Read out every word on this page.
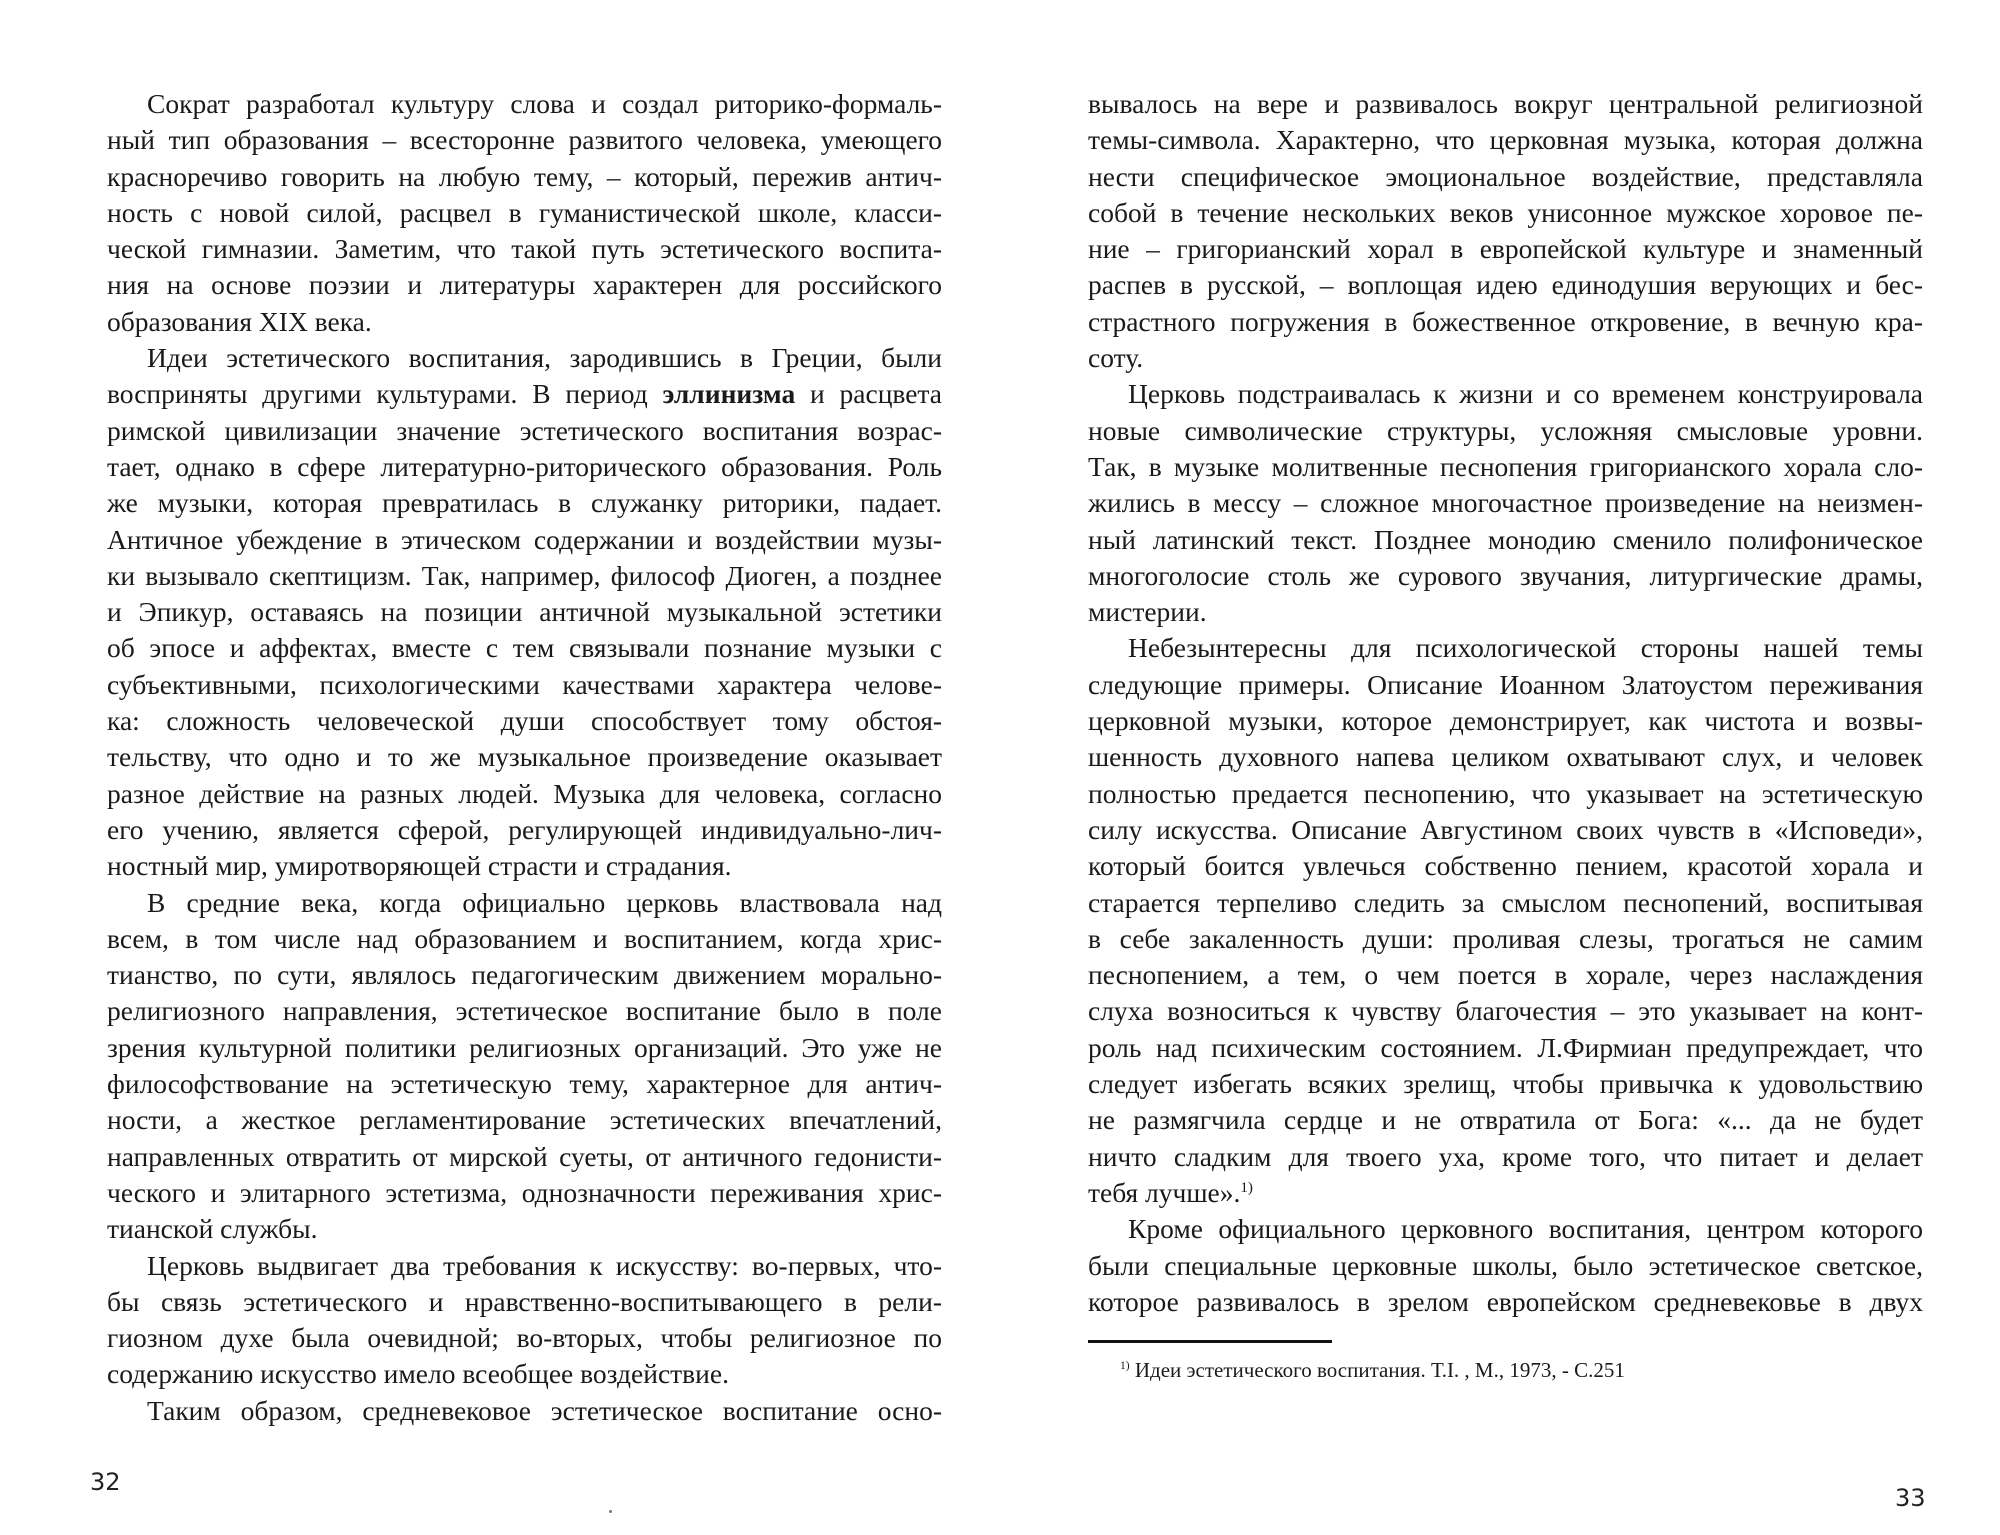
Сократ разработал культуру слова и создал риторико-формаль-
ный тип образования – всесторонне развитого человека, умеющего
красноречиво говорить на любую тему, – который, пережив антич-
ность с новой силой, расцвел в гуманистической школе, класси-
ческой гимназии. Заметим, что такой путь эстетического воспита-
ния на основе поэзии и литературы характерен для российского
образования XIX века.
Идеи эстетического воспитания, зародившись в Греции, были
восприняты другими культурами. В период эллинизма и расцвета
римской цивилизации значение эстетического воспитания возрас-
тает, однако в сфере литературно-риторического образования. Роль
же музыки, которая превратилась в служанку риторики, падает.
Античное убеждение в этическом содержании и воздействии музы-
ки вызывало скептицизм. Так, например, философ Диоген, а позднее
и Эпикур, оставаясь на позиции античной музыкальной эстетики
об эпосе и аффектах, вместе с тем связывали познание музыки с
субъективными, психологическими качествами характера челове-
ка: сложность человеческой души способствует тому обстоя-
тельству, что одно и то же музыкальное произведение оказывает
разное действие на разных людей. Музыка для человека, согласно
его учению, является сферой, регулирующей индивидуально-лич-
ностный мир, умиротворяющей страсти и страдания.
В средние века, когда официально церковь властвовала над
всем, в том числе над образованием и воспитанием, когда хрис-
тианство, по сути, являлось педагогическим движением морально-
религиозного направления, эстетическое воспитание было в поле
зрения культурной политики религиозных организаций. Это уже не
философствование на эстетическую тему, характерное для антич-
ности, а жесткое регламентирование эстетических впечатлений,
направленных отвратить от мирской суеты, от античного гедонисти-
ческого и элитарного эстетизма, однозначности переживания хрис-
тианской службы.
Церковь выдвигает два требования к искусству: во-первых, что-
бы связь эстетического и нравственно-воспитывающего в рели-
гиозном духе была очевидной; во-вторых, чтобы религиозное по
содержанию искусство имело всеобщее воздействие.
Таким образом, средневековое эстетическое воспитание осно-
32
вывалось на вере и развивалось вокруг центральной религиозной
темы-символа. Характерно, что церковная музыка, которая должна
нести специфическое эмоциональное воздействие, представляла
собой в течение нескольких веков унисонное мужское хоровое пе-
ние – григорианский хорал в европейской культуре и знаменный
распев в русской, – воплощая идею единодушия верующих и бес-
страстного погружения в божественное откровение, в вечную кра-
соту.
Церковь подстраивалась к жизни и со временем конструировала
новые символические структуры, усложняя смысловые уровни.
Так, в музыке молитвенные песнопения григорианского хорала сло-
жились в мессу – сложное многочастное произведение на неизмен-
ный латинский текст. Позднее монодию сменило полифоническое
многоголосие столь же сурового звучания, литургические драмы,
мистерии.
Небезынтересны для психологической стороны нашей темы
следующие примеры. Описание Иоанном Златоустом переживания
церковной музыки, которое демонстрирует, как чистота и возвы-
шенность духовного напева целиком охватывают слух, и человек
полностью предается песнопению, что указывает на эстетическую
силу искусства. Описание Августином своих чувств в «Исповеди»,
который боится увлечься собственно пением, красотой хорала и
старается терпеливо следить за смыслом песнопений, воспитывая
в себе закаленность души: проливая слезы, трогаться не самим
песнопением, а тем, о чем поется в хорале, через наслаждения
слуха возноситься к чувству благочестия – это указывает на конт-
роль над психическим состоянием. Л.Фирмиан предупреждает, что
следует избегать всяких зрелищ, чтобы привычка к удовольствию
не размягчила сердце и не отвратила от Бога: «... да не будет
ничто сладким для твоего уха, кроме того, что питает и делает
тебя лучше».$^{1)}$
Кроме официального церковного воспитания, центром которого
были специальные церковные школы, было эстетическое светское,
которое развивалось в зрелом европейском средневековье в двух
$^{1)}$ Идеи эстетического воспитания. Т.I. , М., 1973, - С.251
33
